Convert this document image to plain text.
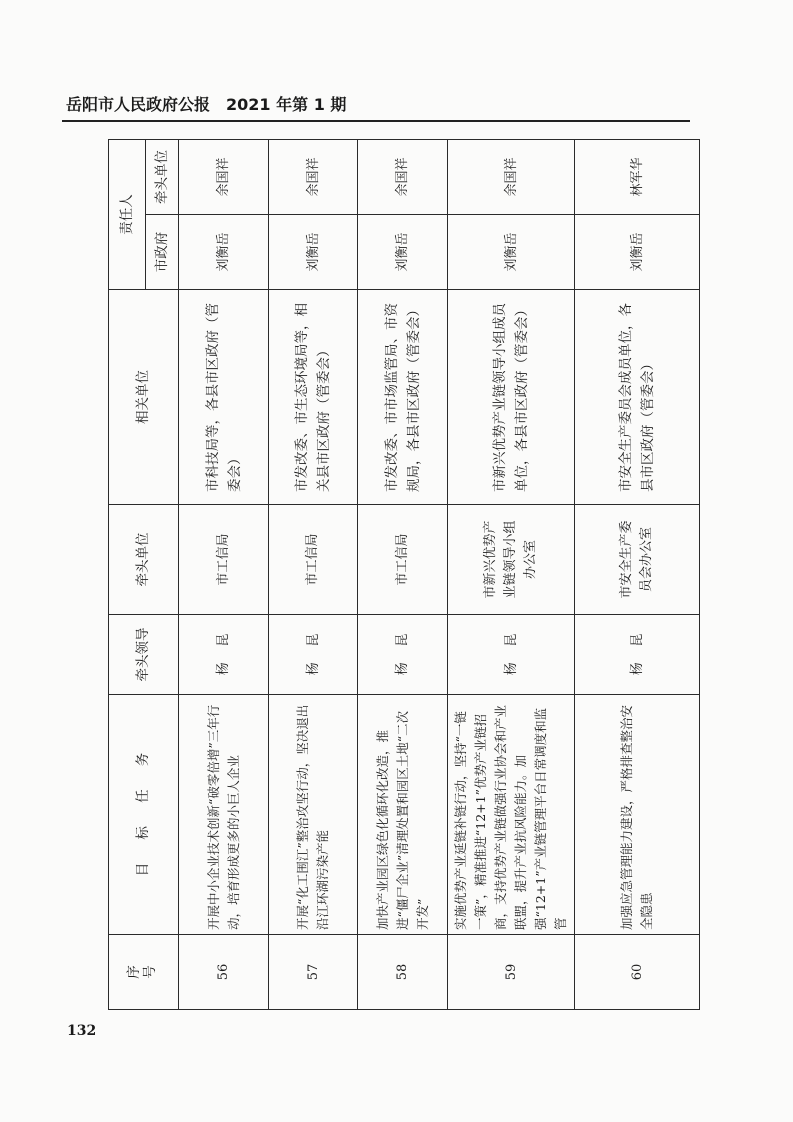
岳阳市人民政府公报 2021 年第 1 期
序号	目 标 任 务	牵头领导	牵头单位	相关单位	责任人	
					市政府	牵头单位
56	开展中小企业技术创新“破零倍增”三年行动，培育形成更多的小巨人企业	杨 昆	市工信局	市科技局等，各县市区政府（管委会）	刘衡岳	余国祥
57	开展“化工围江”整治攻坚行动，坚决退出沿江环湖污染产能	杨 昆	市工信局	市发改委、市生态环境局等，相关县市区政府（管委会）	刘衡岳	余国祥
58	加快产业园区绿色化循环化改造，推进“僵尸企业”清理处置和园区土地“二次开发”	杨 昆	市工信局	市发改委、市市场监管局、市资规局，各县市区政府（管委会）	刘衡岳	余国祥
59	实施优势产业延链补链行动，坚持“一链一策”，精准推进“12+1”优势产业链招商，支持优势产业链做强行业协会和产业联盟，提升产业抗风险能力。加强“12+1”产业链管理平台日常调度和监管	杨 昆	市新兴优势产业链领导小组办公室	市新兴优势产业链领导小组成员单位，各县市区政府（管委会）	刘衡岳	余国祥
60	加强应急管理能力建设，严格排查整治安全隐患	杨 昆	市安全生产委员会办公室	市安全生产委员会成员单位，各县市区政府（管委会）	刘衡岳	林军华
132
